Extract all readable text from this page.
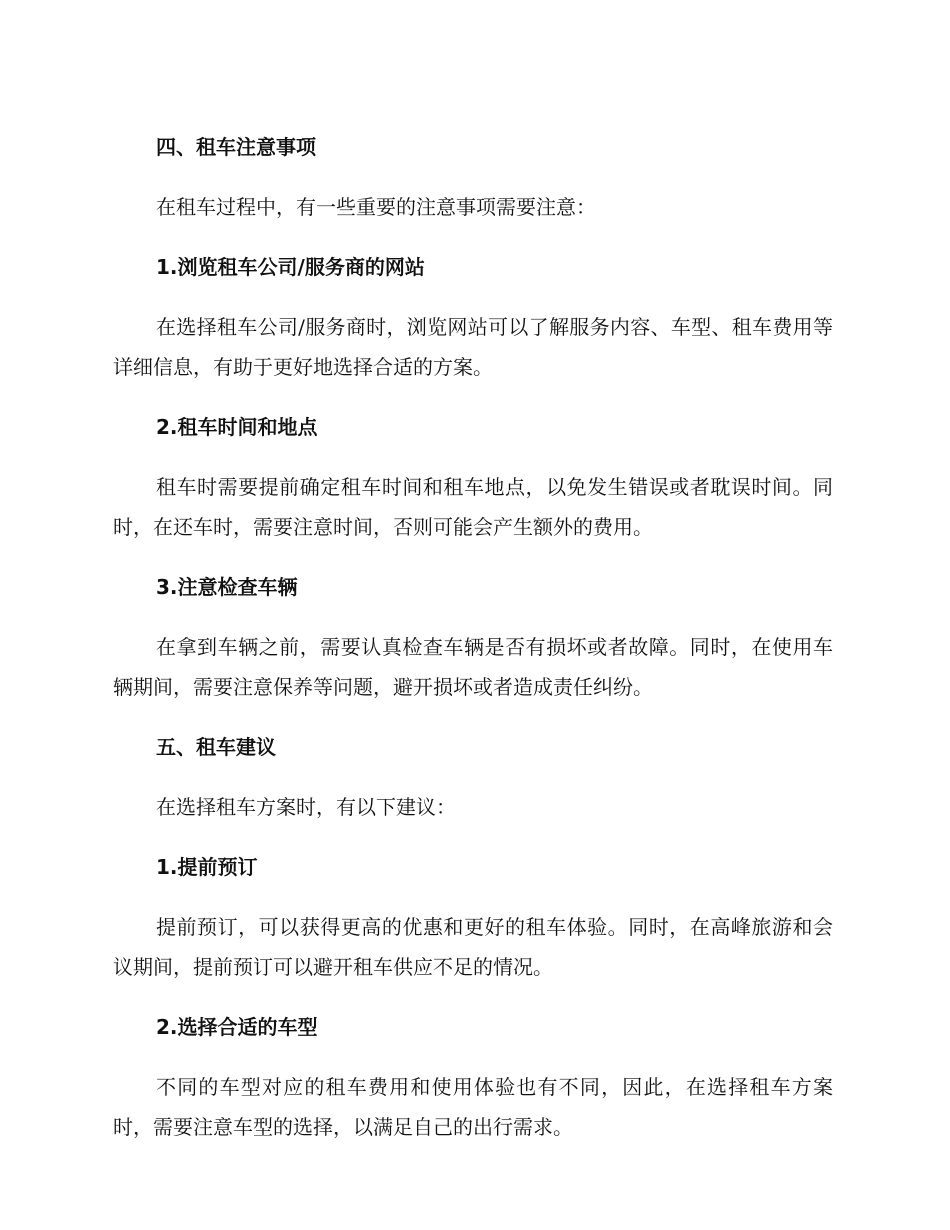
四、租车注意事项

在租车过程中，有一些重要的注意事项需要注意：

1.浏览租车公司/服务商的网站

在选择租车公司/服务商时，浏览网站可以了解服务内容、车型、租车费用等详细信息，有助于更好地选择合适的方案。

2.租车时间和地点

租车时需要提前确定租车时间和租车地点，以免发生错误或者耽误时间。同时，在还车时，需要注意时间，否则可能会产生额外的费用。

3.注意检查车辆

在拿到车辆之前，需要认真检查车辆是否有损坏或者故障。同时，在使用车辆期间，需要注意保养等问题，避开损坏或者造成责任纠纷。

五、租车建议

在选择租车方案时，有以下建议：

1.提前预订

提前预订，可以获得更高的优惠和更好的租车体验。同时，在高峰旅游和会议期间，提前预订可以避开租车供应不足的情况。

2.选择合适的车型

不同的车型对应的租车费用和使用体验也有不同，因此，在选择租车方案时，需要注意车型的选择，以满足自己的出行需求。
